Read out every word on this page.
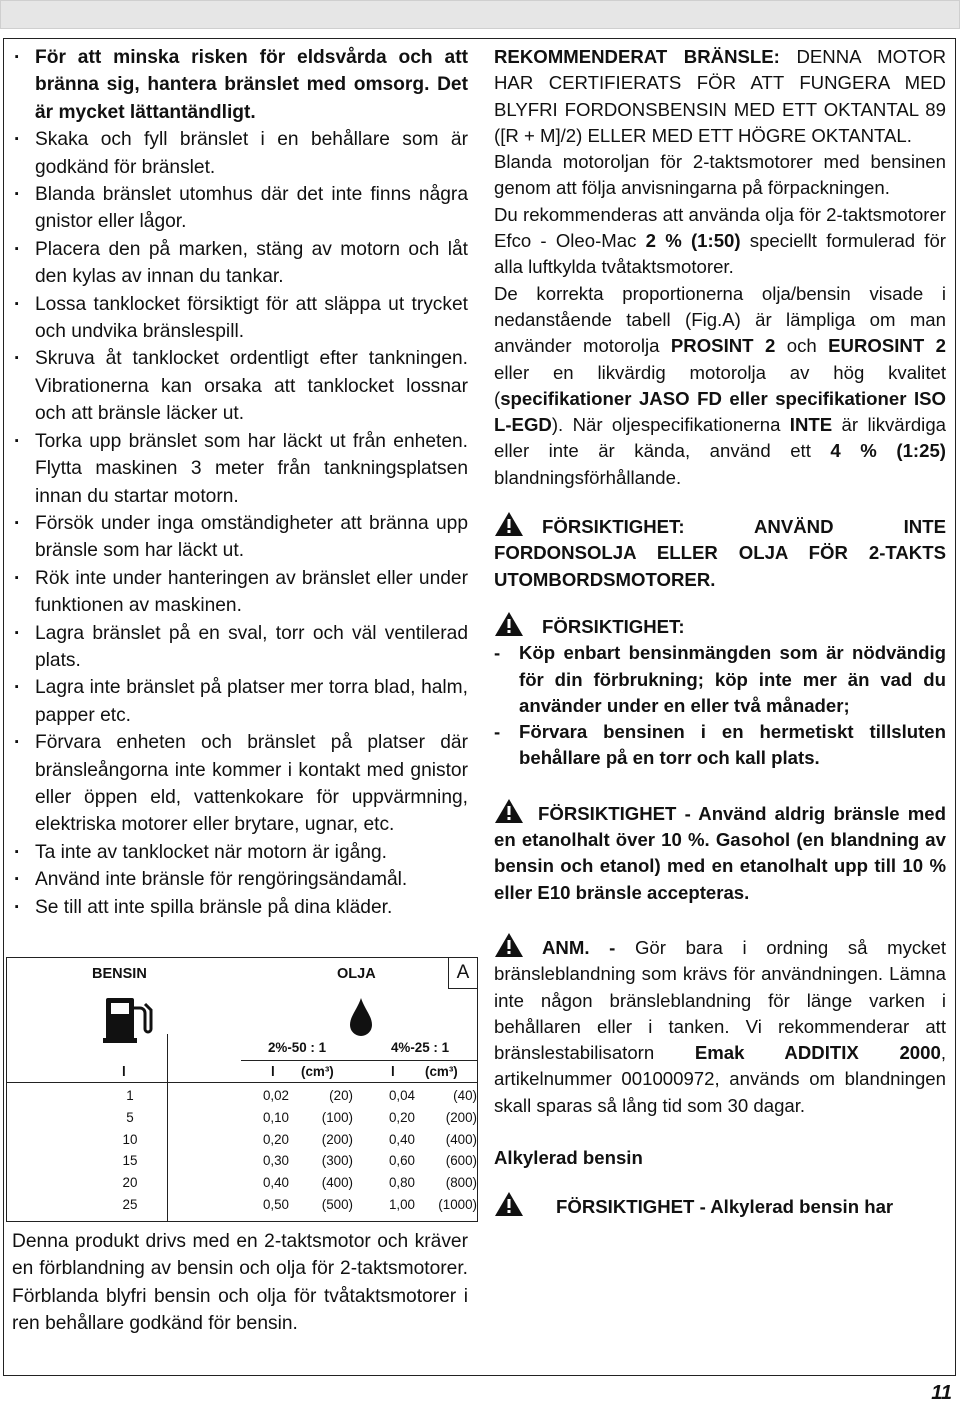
· För att minska risken för eldsvårda och att bränna sig, hantera bränslet med omsorg. Det är mycket lättantändligt.
· Skaka och fyll bränslet i en behållare som är godkänd för bränslet.
· Blanda bränslet utomhus där det inte finns några gnistor eller lågor.
· Placera den på marken, stäng av motorn och låt den kylas av innan du tankar.
· Lossa tanklocket försiktigt för att släppa ut trycket och undvika bränslespill.
· Skruva åt tanklocket ordentligt efter tankningen. Vibrationerna kan orsaka att tanklocket lossnar och att bränsle läcker ut.
· Torka upp bränslet som har läckt ut från enheten. Flytta maskinen 3 meter från tankningsplatsen innan du startar motorn.
· Försök under inga omständigheter att bränna upp bränsle som har läckt ut.
· Rök inte under hanteringen av bränslet eller under funktionen av maskinen.
· Lagra bränslet på en sval, torr och väl ventilerad plats.
· Lagra inte bränslet på platser mer torra blad, halm, papper etc.
· Förvara enheten och bränslet på platser där bränsleångorna inte kommer i kontakt med gnistor eller öppen eld, vattenkokare för uppvärmning, elektriska motorer eller brytare, ugnar, etc.
· Ta inte av tanklocket när motorn är igång.
· Använd inte bränsle för rengöringsändamål.
· Se till att inte spilla bränsle på dina kläder.
BENSIN	OLJA	A
2%-50 : 1	4%-25 : 1
l	l (cm³)	l (cm³)
1	0,02	(20)	0,04	(40)
5	0,10	(100)	0,20	(200)
10	0,20	(200)	0,40	(400)
15	0,30	(300)	0,60	(600)
20	0,40	(400)	0,80	(800)
25	0,50	(500)	1,00 (1000)

Denna produkt drivs med en 2-taktsmotor och kräver en förblandning av bensin och olja för 2-taktsmotorer. Förblanda blyfri bensin och olja för tvåtaktsmotorer i ren behållare godkänd för bensin.

REKOMMENDERAT BRÄNSLE: DENNA MOTOR HAR CERTIFIERATS FÖR ATT FUNGERA MED BLYFRI FORDONSBENSIN MED ETT OKTANTAL 89 ([R + M]/2) ELLER MED ETT HÖGRE OKTANTAL.

Blanda motoroljan för 2-taktsmotorer med bensinen genom att följa anvisningarna på förpackningen.

Du rekommenderas att använda olja för 2-taktsmotorer Efco - Oleo-Mac 2 % (1:50) speciellt formulerad för alla luftkylda tvåtaktsmotorer.

De korrekta proportionerna olja/bensin visade i nedanstående tabell (Fig.A) är lämpliga om man använder motorolja PROSINT 2 och EUROSINT 2 eller en likvärdig motorolja av hög kvalitet (specifikationer JASO FD eller specifikationer ISO L-EGD). När oljespecifikationerna INTE är likvärdiga eller inte är kända, använd ett 4 % (1:25) blandningsförhållande.

FÖRSIKTIGHET: ANVÄND INTE FORDONSOLJA ELLER OLJA FÖR 2-TAKTS UTOMBORDSMOTORER.
FÖRSIKTIGHET:
- Köp enbart bensinmängden som är nödvändig för din förbrukning; köp inte mer än vad du använder under en eller två månader;
- Förvara bensinen i en hermetiskt tillsluten behållare på en torr och kall plats.
FÖRSIKTIGHET - Använd aldrig bränsle med en etanolhalt över 10 %. Gasohol (en blandning av bensin och etanol) med en etanolhalt upp till 10 % eller E10 bränsle accepteras.
ANM. - Gör bara i ordning så mycket bränsleblandning som krävs för användningen. Lämna inte någon bränsleblandning för länge varken i behållaren eller i tanken. Vi rekommenderar att bränslestabilisatorn Emak ADDITIX 2000, artikelnummer 001000972, används om blandningen skall sparas så lång tid som 30 dagar.
Alkylerad bensin
FÖRSIKTIGHET - Alkylerad bensin har
11
